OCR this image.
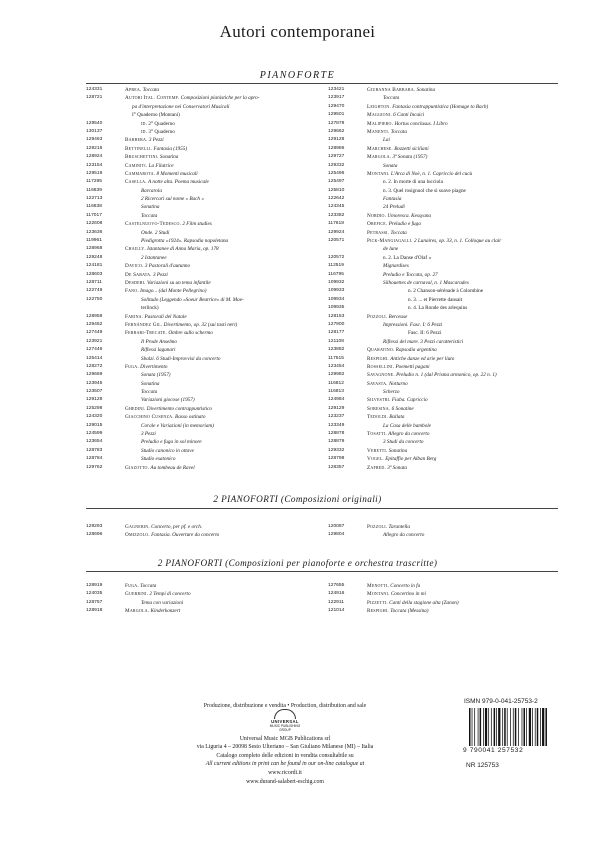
Autori contemporanei
PIANOFORTE
124331	Aprea. Toccata
128721	Autori Ital. Contemp. Composizioni pianistiche per la apro-
pa d'interpretazione nei Conservatori Musicali
I° Quaderno (Montani)
129540	id. 2° Quaderno
130137	id. 3° Quaderno
129463	Barbera. 3 Pezzi
129216	Bettinelli. Fantasia (1955)
128924	Bruschettini. Sonatina
123154	Caminiti. La Filatrice
129519	Cammarota. 8 Momenti musicali
117295	Casella. A notte alta. Poema musicale
116839	Barcarola
122713	2 Ricercari sul nome « Bach »
116838	Sonatina
117017	Toccata
122608	Castelnuovo-Tedesco. 2 Film studies
123636	Onde. 2 Studi
119961	Piedigrotta «1924». Rapsodia napoletana
128968	Chailly. Istantanee di Anna Maria, op. 178
129248	2 Istantanee
124181	Davico. 3 Pastorali d'autunno
128603	De Sabata. 3 Pezzi
128711	Desderi. Variazioni su un tema infantile
122749	Fano. Imago... (dal Monte Pellegrino)
122750	Solitudo (Leggendo «Soeur Beatrice» di M. Mae-
terlinck)
128958	Farina. Pastorali del Natale
129462	Fernández Gil. Divertimento, op. 32 (sui tasti neri)
127449	Ferrari-Trecate. Ombre sullo schermo
123921	Il Prode Anselmo
127446	Riflessi lagunari
125414	Sbalzi. 6 Studi-Improvvisi da concerto
128272	Fuga. Divertimento
129669	Sonata (1957)
123945	Sonatina
123507	Toccata
129128	Variazioni giocose (1957)
125298	Ghedini. Divertimento contrappuntistico
124320	Giacchino Cusenza. Basso ostinato
129015	Corale e Variazioni (in memoriam)
124599	3 Pezzi
123654	Preludio e fuga in sol minore
128783	Studio canonico in ottave
128784	Studio esatonico
129762	Giazotto. Au tombeau de Ravel
123421	Giubanna Barbara. Sonatina
123917	Toccata
129470	Leighton. Fantasia contrappuntistica (Homage to Bach)
129501	Maggioni. 6 Canti Incaici
127878	Malipiero. Hortus conclusus. I Libro
129662	Manenti. Toccata
129128	Lai
128986	Marchese. Bozzetti siciliani
129727	Margola. 3ª Sonata (1957)
129332	Sonata
125496	Montani. L'Arca di Noè, n. 1. Capriccio del cucù
125497	n. 2. In morte di una lucciola
125810	n. 3. Quel rosignuol che sì soave piagne
122642	Fantasia
124345	24 Preludi
123382	Nordio. Umoresca. Kessyana
117618	Orefice. Preludio e fuga
129924	Petrassi. Toccata
120571	Pick-Mangiagalli. 2 Lunaires, op. 33, n. 1. Colloque au clair
de lune
120572	n. 2. La Danse d'Olaf «
112519	Mignardises
116795	Preludio e Toccata, op. 27
109932	Silhouettes de carnaval, n. 1 Mascarades
109933	n. 2 Chanson-sérénade à Colombine
109934	n. 3. ... et Pierrette dansait
109935	n. 4. La Ronde des arlequins
128153	Pozzoli. Berceuse
127900	Impressioni. Fasc. I: 6 Pezzi
128177	Fasc. II: 6 Pezzi
121108	Riflessi del mare. 3 Pezzi caratteristici
123882	Quaratino. Rapsodia argentina
117515	Respighi. Antiche danze ed arie per liuto
123454	Rossellini. Poemetti pagani
129982	Savagnone. Preludio n. 1 (dal Prisma armonico, op. 22 n. 1)
116812	Savasta. Notturno
116813	Scherzo
124984	Silvestri. Fiaba. Capriccio
129129	Soresina. 6 Sonatine
123237	Tedoldi. Ballata
123349	La Casa delle bambole
128878	Tosatti. Allegro da concerto
128879	3 Studi da concerto
129332	Veretti. Sonatina
128798	Vogel. Epitaffio per Alban Berg
128357	Zafred. 3ª Sonata
2 PIANOFORTI (Composizioni originali)
129293	Gagnebin. Concerto, per pf. e orch.
128696	Omizzolo. Fantasia. Ouverture da concerto
120087	Pozzoli. Tarantella
129804	Allegro da concerto
2 PIANOFORTI (Composizioni per pianoforte e orchestra trascritte)
128919	Fuga. Toccata
124035	Guerrini. 2 Tempi di concerto
128757	Tema con variazioni
128918	Margola. Kinderkonzert
127655	Menotti. Concerto in fa
124916	Montani. Concertino in mi
122911	Pizzetti. Canti della stagione alta (Zanon)
121014	Respighi. Toccata (Messina)
Produzione, distribuzione e vendita • Production, distribution and sale
Universal Music MGB Publications srl
via Liguria 4 – 20098 Sesto Ulteriano – San Giuliano Milanese (MI) – Italia
Catalogo completo delle edizioni in vendita consultabile su
All current editions in print can be found in our on-line catalogue at
www.ricordi.it
www.durand-salabert-eschig.com
UNIVERSAL
MUSIC PUBLISHING GROUP
ISMN 979-0-041-25753-2
9 790041 257532
NR 125753
